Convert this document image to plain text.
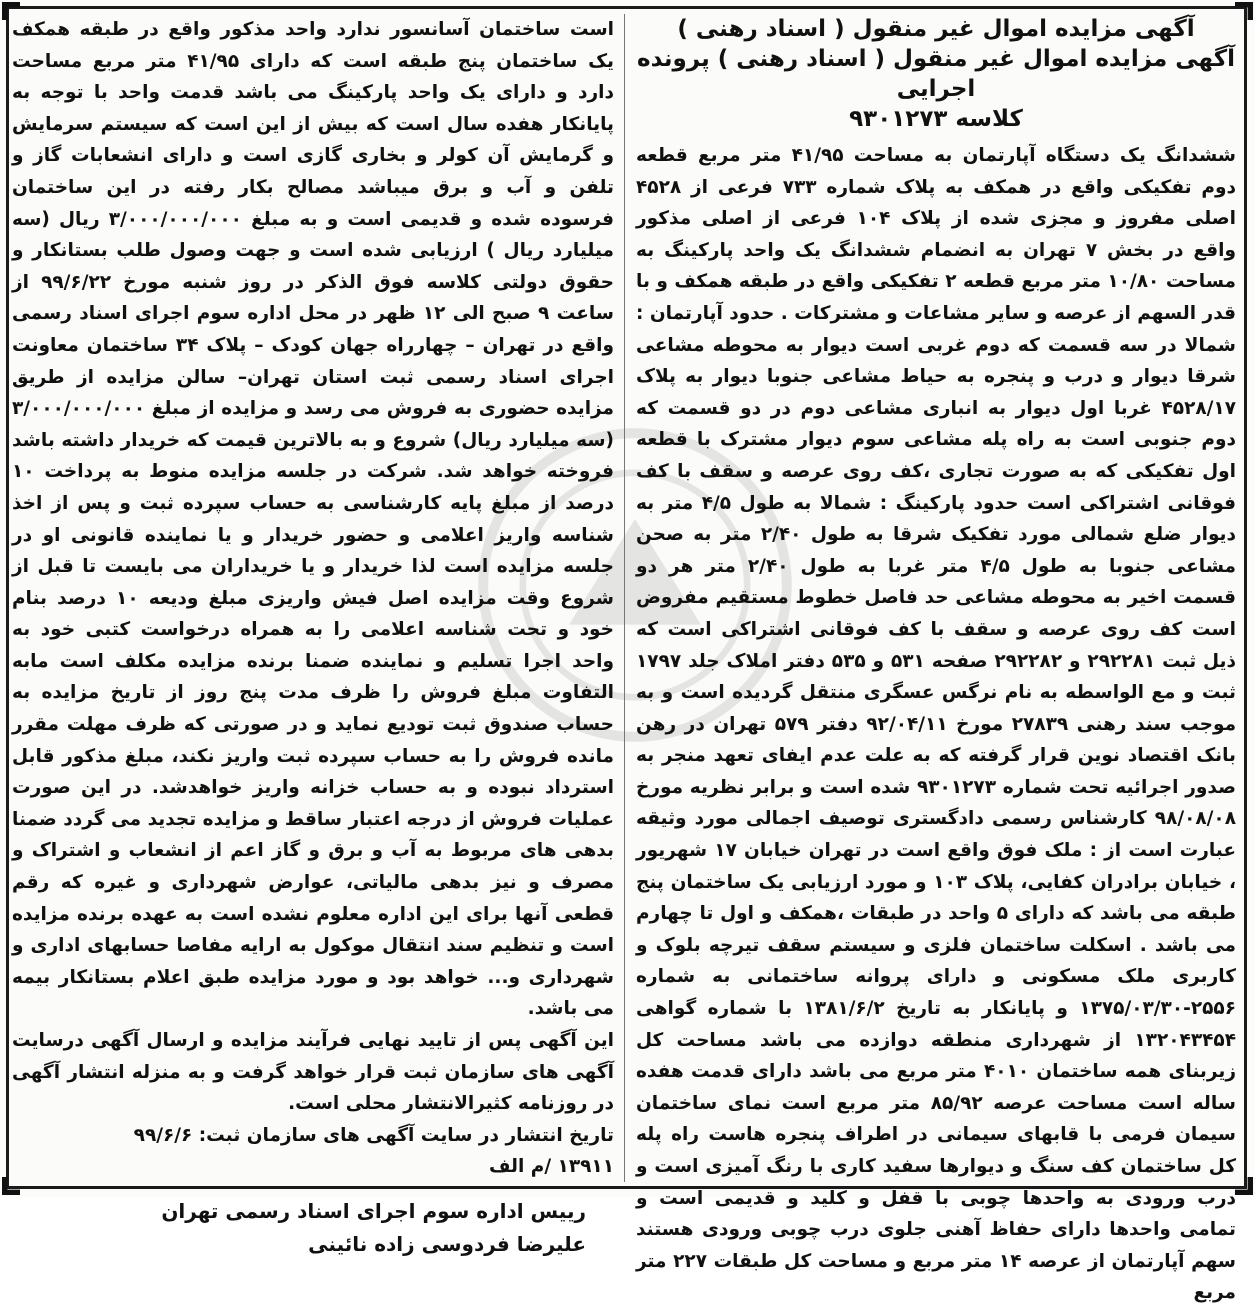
آگهی مزایده اموال غیر منقول ( اسناد رهنی )

آگهی مزایده اموال غیر منقول ( اسناد رهنی ) پرونده اجرایی

کلاسه ۹۳۰۱۲۷۳

ششدانگ یک دستگاه آپارتمان به مساحت ۴۱/۹۵ متر مربع قطعه دوم تفکیکی واقع در همکف به پلاک شماره ۷۳۳ فرعی از ۴۵۲۸ اصلی مفروز و مجزی شده از پلاک ۱۰۴ فرعی از اصلی مذکور واقع در بخش ۷ تهران به انضمام ششدانگ یک واحد پارکینگ به مساحت ۱۰/۸۰ متر مربع قطعه ۲ تفکیکی واقع در طبقه همکف و با قدر السهم از عرصه و سایر مشاعات و مشترکات . حدود آپارتمان : شمالا در سه قسمت که دوم غربی است دیوار به محوطه مشاعی شرقا دیوار و درب و پنجره به حیاط مشاعی جنوبا دیوار به پلاک ۴۵۲۸/۱۷ غربا اول دیوار به انباری مشاعی دوم در دو قسمت که دوم جنوبی است به راه پله مشاعی سوم دیوار مشترک با قطعه اول تفکیکی که به صورت تجاری ،کف روی عرصه و سقف با کف فوقانی اشتراکی است حدود پارکینگ : شمالا به طول ۴/۵ متر به دیوار ضلع شمالی مورد تفکیک شرقا به طول ۲/۴۰ متر به صحن مشاعی جنوبا به طول ۴/۵ متر غربا به طول ۲/۴۰ متر هر دو قسمت اخیر به محوطه مشاعی حد فاصل خطوط مستقیم مفروض است کف روی عرصه و سقف با کف فوقانی اشتراکی است که ذیل ثبت ۲۹۲۲۸۱ و ۲۹۲۲۸۲ صفحه ۵۳۱ و ۵۳۵ دفتر املاک جلد ۱۷۹۷ ثبت و مع الواسطه به نام نرگس عسگری منتقل گردیده است و به موجب سند رهنی ۲۷۸۳۹ مورخ ۹۲/۰۴/۱۱ دفتر ۵۷۹ تهران در رهن بانک اقتصاد نوین قرار گرفته که به علت عدم ایفای تعهد منجر به صدور اجرائیه تحت شماره ۹۳۰۱۲۷۳ شده است و برابر نظریه مورخ ۹۸/۰۸/۰۸ کارشناس رسمی دادگستری توصیف اجمالی مورد وثیقه عبارت است از : ملک فوق واقع است در تهران خیابان ۱۷ شهریور ، خیابان برادران کفایی، پلاک ۱۰۳ و مورد ارزیابی یک ساختمان پنج طبقه می باشد که دارای ۵ واحد در طبقات ،همکف و اول تا چهارم می باشد . اسکلت ساختمان فلزی و سیستم سقف تیرچه بلوک و کاربری ملک مسکونی و دارای پروانه ساختمانی به شماره ۲۵۵۶-۱۳۷۵/۰۳/۳۰ و پایانکار به تاریخ ۱۳۸۱/۶/۲ با شماره گواهی ۱۳۲۰۴۳۴۵۴ از شهرداری منطقه دوازده می باشد مساحت کل زیربنای همه ساختمان ۴۰۱۰ متر مربع می باشد دارای قدمت هفده ساله است مساحت عرصه ۸۵/۹۲ متر مربع است نمای ساختمان سیمان فرمی با قابهای سیمانی در اطراف پنجره هاست راه پله کل ساختمان کف سنگ و دیوارها سفید کاری با رنگ آمیزی است و درب ورودی به واحدها چوبی با قفل و کلید و قدیمی است و تمامی واحدها دارای حفاظ آهنی جلوی درب چوبی ورودی هستند سهم آپارتمان از عرصه ۱۴ متر مربع و مساحت کل طبقات ۲۲۷ متر مربع

است ساختمان آسانسور ندارد واحد مذکور واقع در طبقه همکف یک ساختمان پنج طبقه است که دارای ۴۱/۹۵ متر مربع مساحت دارد و دارای یک واحد پارکینگ می باشد قدمت واحد با توجه به پایانکار هفده سال است که بیش از این است که سیستم سرمایش و گرمایش آن کولر و بخاری گازی است و دارای انشعابات گاز و تلفن و آب و برق میباشد مصالح بکار رفته در این ساختمان فرسوده شده و قدیمی است و به مبلغ ۳/۰۰۰/۰۰۰/۰۰۰ ریال (سه میلیارد ریال ) ارزیابی شده است و جهت وصول طلب بستانکار و حقوق دولتی کلاسه فوق الذکر در روز شنبه مورخ ۹۹/۶/۲۲ از ساعت ۹ صبح الی ۱۲ ظهر در محل اداره سوم اجرای اسناد رسمی واقع در تهران – چهارراه جهان کودک – پلاک ۳۴ ساختمان معاونت اجرای اسناد رسمی ثبت استان تهران– سالن مزایده از طریق مزایده حضوری به فروش می رسد و مزایده از مبلغ ۳/۰۰۰/۰۰۰/۰۰۰ (سه میلیارد ریال) شروع و به بالاترین قیمت که خریدار داشته باشد فروخته خواهد شد. شرکت در جلسه مزایده منوط به پرداخت ۱۰ درصد از مبلغ پایه کارشناسی به حساب سپرده ثبت و پس از اخذ شناسه واریز اعلامی و حضور خریدار و یا نماینده قانونی او در جلسه مزایده است لذا خریدار و یا خریداران می بایست تا قبل از شروع وقت مزایده اصل فیش واریزی مبلغ ودیعه ۱۰ درصد بنام خود و تحت شناسه اعلامی را به همراه درخواست کتبی خود به واحد اجرا تسلیم و نماینده ضمنا برنده مزایده مکلف است مابه التفاوت مبلغ فروش را ظرف مدت پنج روز از تاریخ مزایده به حساب صندوق ثبت تودیع نماید و در صورتی که ظرف مهلت مقرر مانده فروش را به حساب سپرده ثبت واریز نکند، مبلغ مذکور قابل استرداد نبوده و به حساب خزانه واریز خواهدشد. در این صورت عملیات فروش از درجه اعتبار ساقط و مزایده تجدید می گردد ضمنا بدهی های مربوط به آب و برق و گاز اعم از انشعاب و اشتراک و مصرف و نیز بدهی مالیاتی، عوارض شهرداری و غیره که رقم قطعی آنها برای این اداره معلوم نشده است به عهده برنده مزایده است و تنظیم سند انتقال موکول به ارایه مفاصا حسابهای اداری و شهرداری و... خواهد بود و مورد مزایده طبق اعلام بستانکار بیمه می باشد.

این آگهی پس از تایید نهایی فرآیند مزایده و ارسال آگهی درسایت آگهی های سازمان ثبت قرار خواهد گرفت و به منزله انتشار آگهی در روزنامه کثیرالانتشار محلی است.

تاریخ انتشار در سایت آگهی های سازمان ثبت: ۹۹/۶/۶

۱۳۹۱۱ /م الف

رییس اداره سوم اجرای اسناد رسمی تهران

علیرضا فردوسی زاده نائینی
